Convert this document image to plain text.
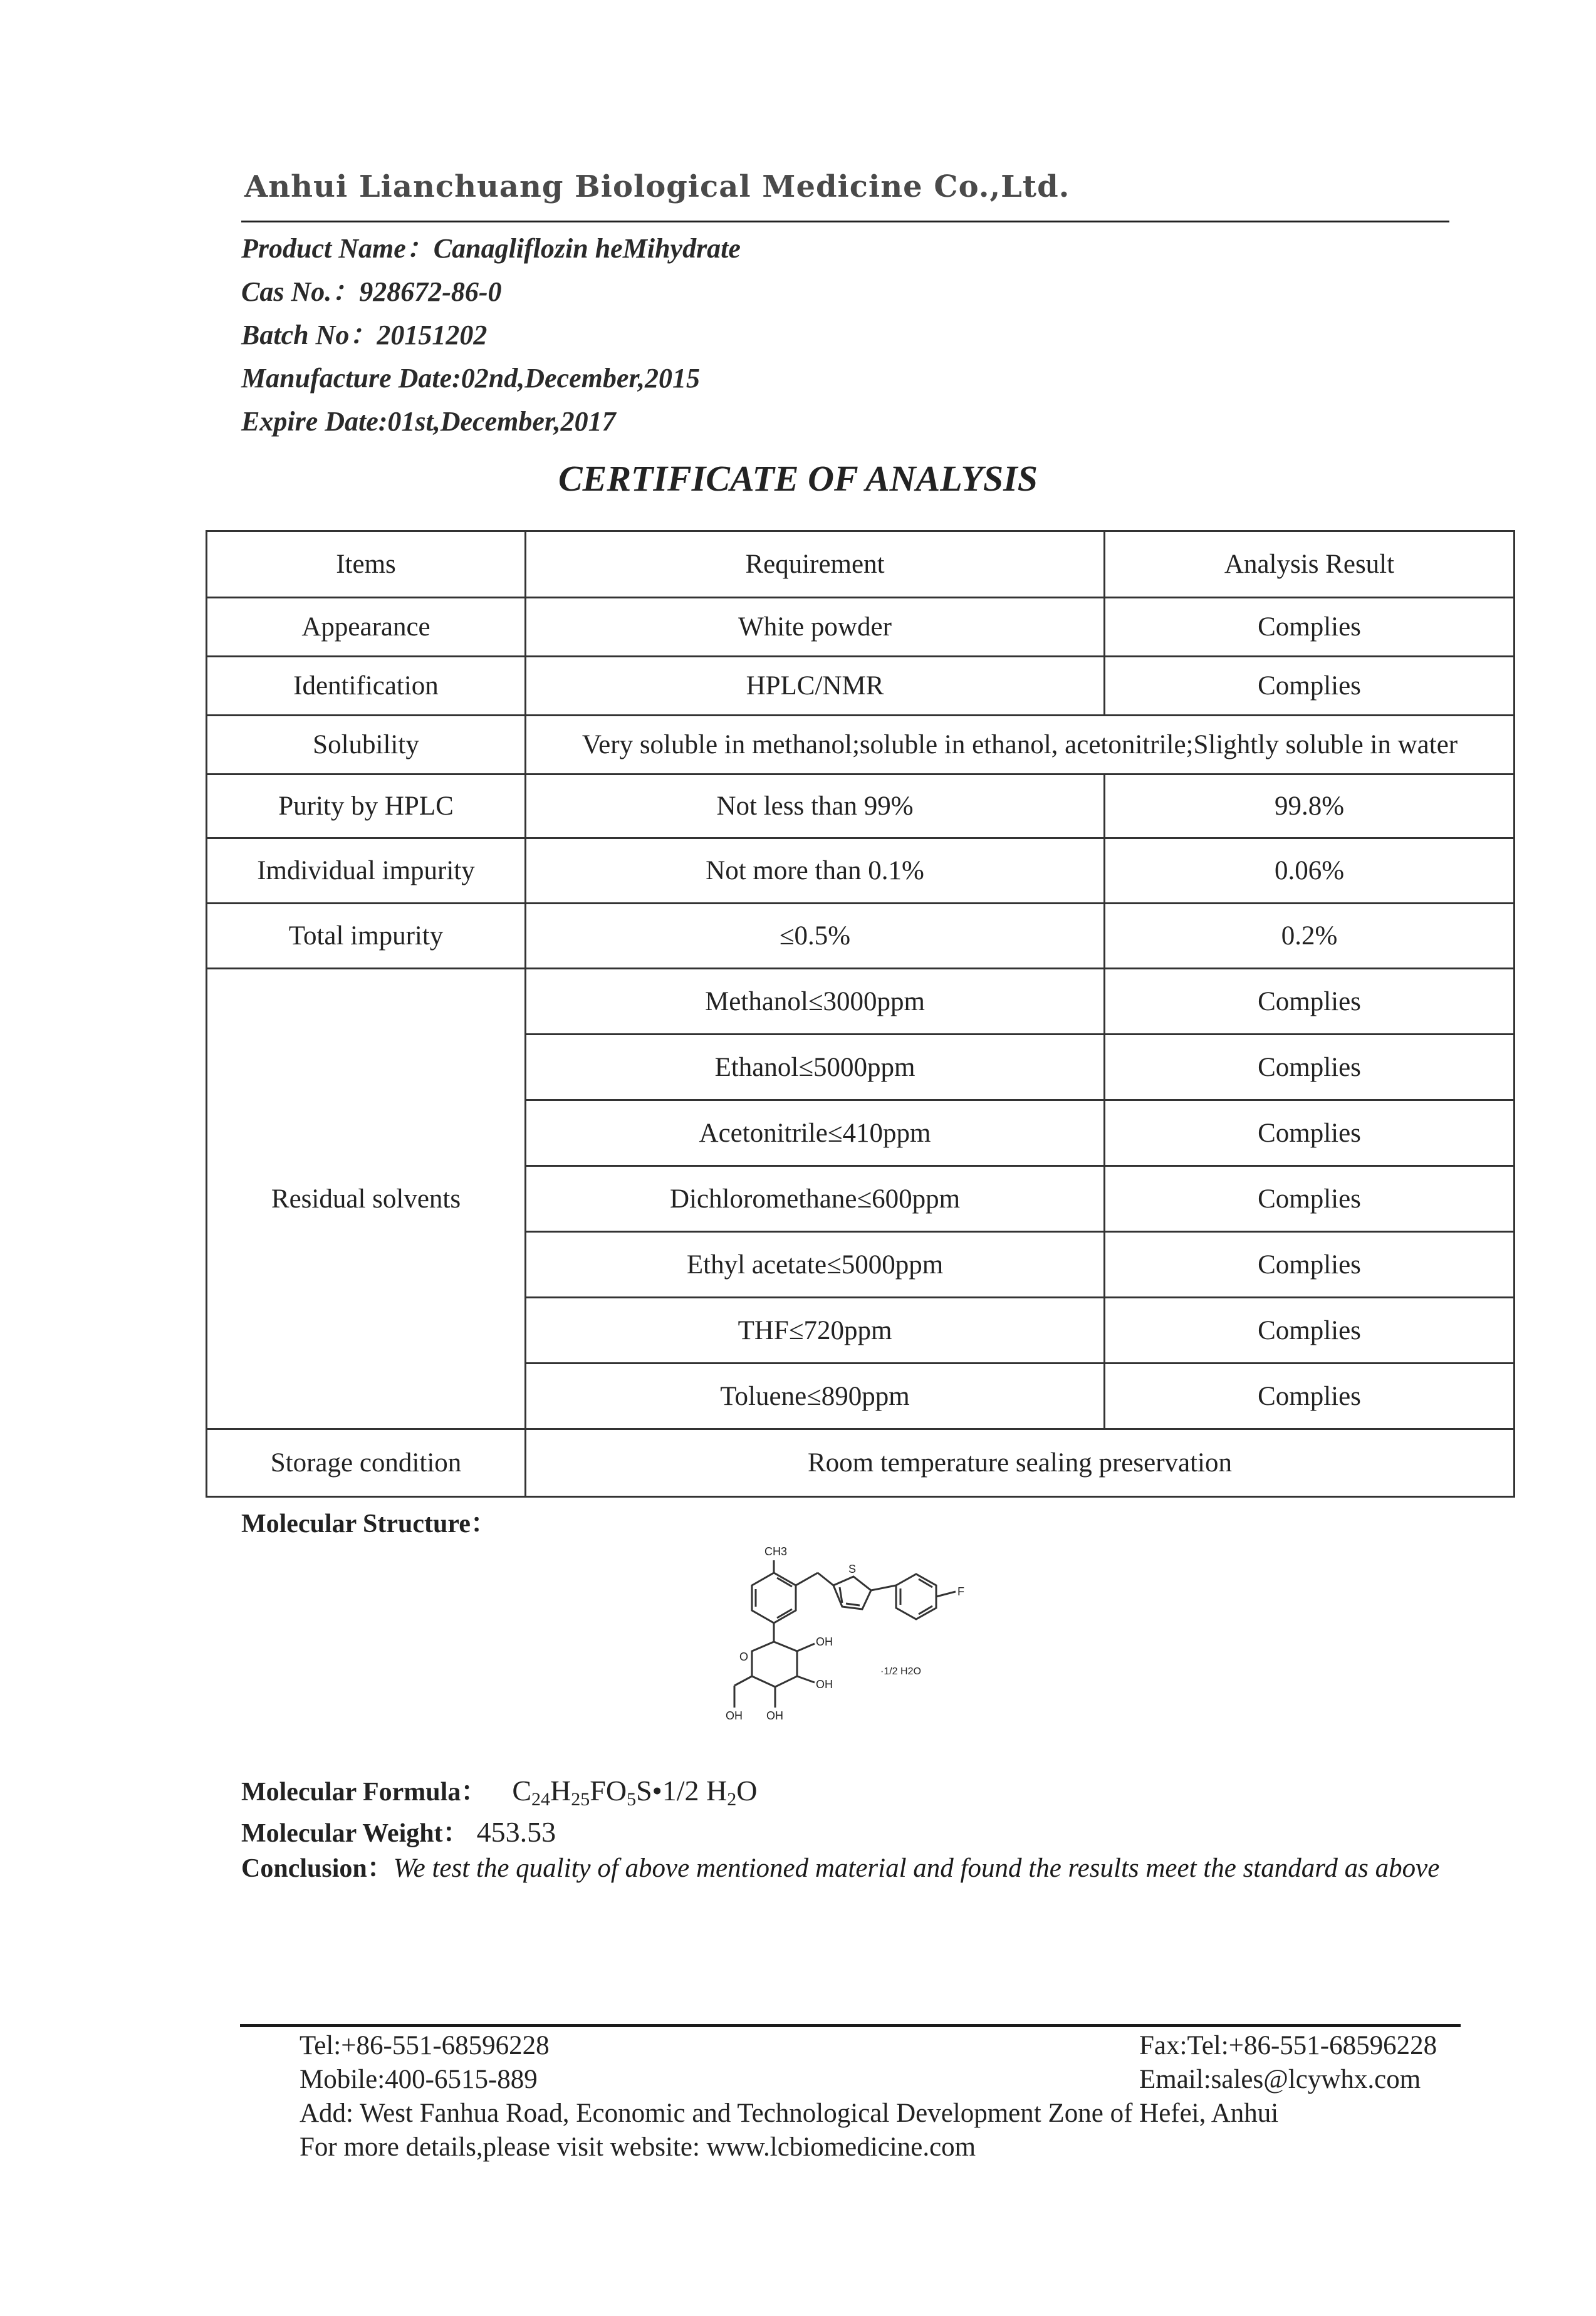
Anhui Lianchuang Biological Medicine Co.,Ltd.
Product Name：Canagliflozin heMihydrate
Cas No.：928672-86-0
Batch No：20151202
Manufacture Date:02nd,December,2015
Expire Date:01st,December,2017
CERTIFICATE OF ANALYSIS
Items	Requirement	Analysis Result
Appearance	White powder	Complies
Identification	HPLC/NMR	Complies
Solubility	Very soluble in methanol;soluble in ethanol, acetonitrile;Slightly soluble in water	
Purity by HPLC	Not less than 99%	99.8%
Imdividual impurity	Not more than 0.1%	0.06%
Total impurity	≤0.5%	0.2%
Residual solvents	Methanol≤3000ppm	Complies
	Ethanol≤5000ppm	Complies
	Acetonitrile≤410ppm	Complies
	Dichloromethane≤600ppm	Complies
	Ethyl acetate≤5000ppm	Complies
	THF≤720ppm	Complies
	Toluene≤890ppm	Complies
Storage condition	Room temperature sealing preservation	
Molecular Structure：
CH3
S
F
O
OH
OH
OH
OH
·1/2 H2O
Molecular Formula： $C_{24}H_{25}FO_5S•1/2$ $H_2O$
Molecular Weight： 453.53
Conclusion：We test the quality of above mentioned material and found the results meet the standard as above
Tel:+86-551-68596228	Fax:Tel:+86-551-68596228
Mobile:400-6515-889	Email:sales@lcywhx.com
Add: West Fanhua Road, Economic and Technological Development Zone of Hefei, Anhui
For more details,please visit website: www.lcbiomedicine.com
